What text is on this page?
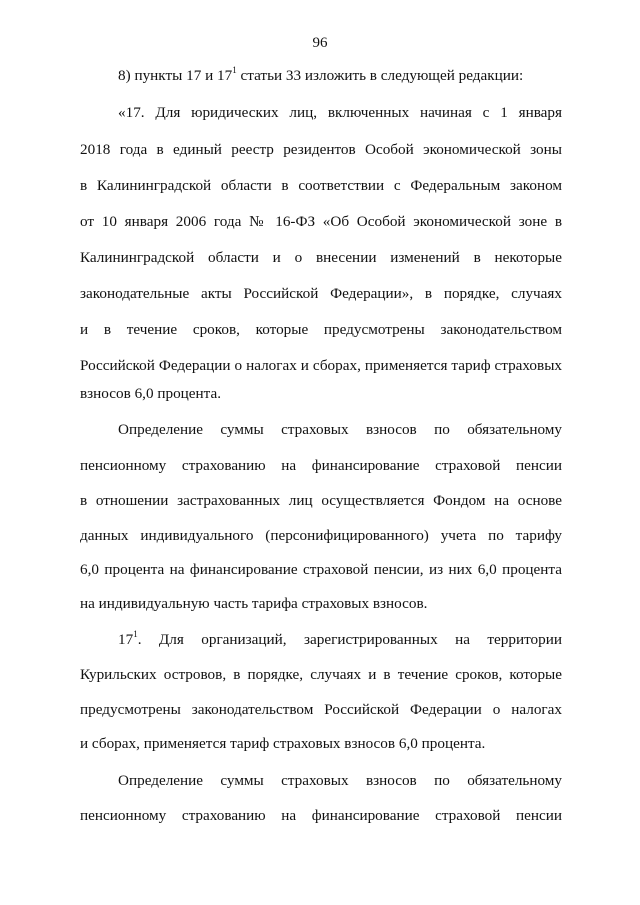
96
8) пункты 17 и $17^1$ статьи 33 изложить в следующей редакции:
«17. Для юридических лиц, включенных начиная с 1 января
2018 года в единый реестр резидентов Особой экономической зоны
в Калининградской области в соответствии с Федеральным законом
от 10 января 2006 года № 16-ФЗ «Об Особой экономической зоне в
Калининградской области и о внесении изменений в некоторые
законодательные акты Российской Федерации», в порядке, случаях
и в течение сроков, которые предусмотрены законодательством
Российской Федерации о налогах и сборах, применяется тариф страховых
взносов 6,0 процента.
Определение суммы страховых взносов по обязательному
пенсионному страхованию на финансирование страховой пенсии
в отношении застрахованных лиц осуществляется Фондом на основе
данных индивидуального (персонифицированного) учета по тарифу
6,0 процента на финансирование страховой пенсии, из них 6,0 процента
на индивидуальную часть тарифа страховых взносов.
$17^1$. Для организаций, зарегистрированных на территории
Курильских островов, в порядке, случаях и в течение сроков, которые
предусмотрены законодательством Российской Федерации о налогах
и сборах, применяется тариф страховых взносов 6,0 процента.
Определение суммы страховых взносов по обязательному
пенсионному страхованию на финансирование страховой пенсии
